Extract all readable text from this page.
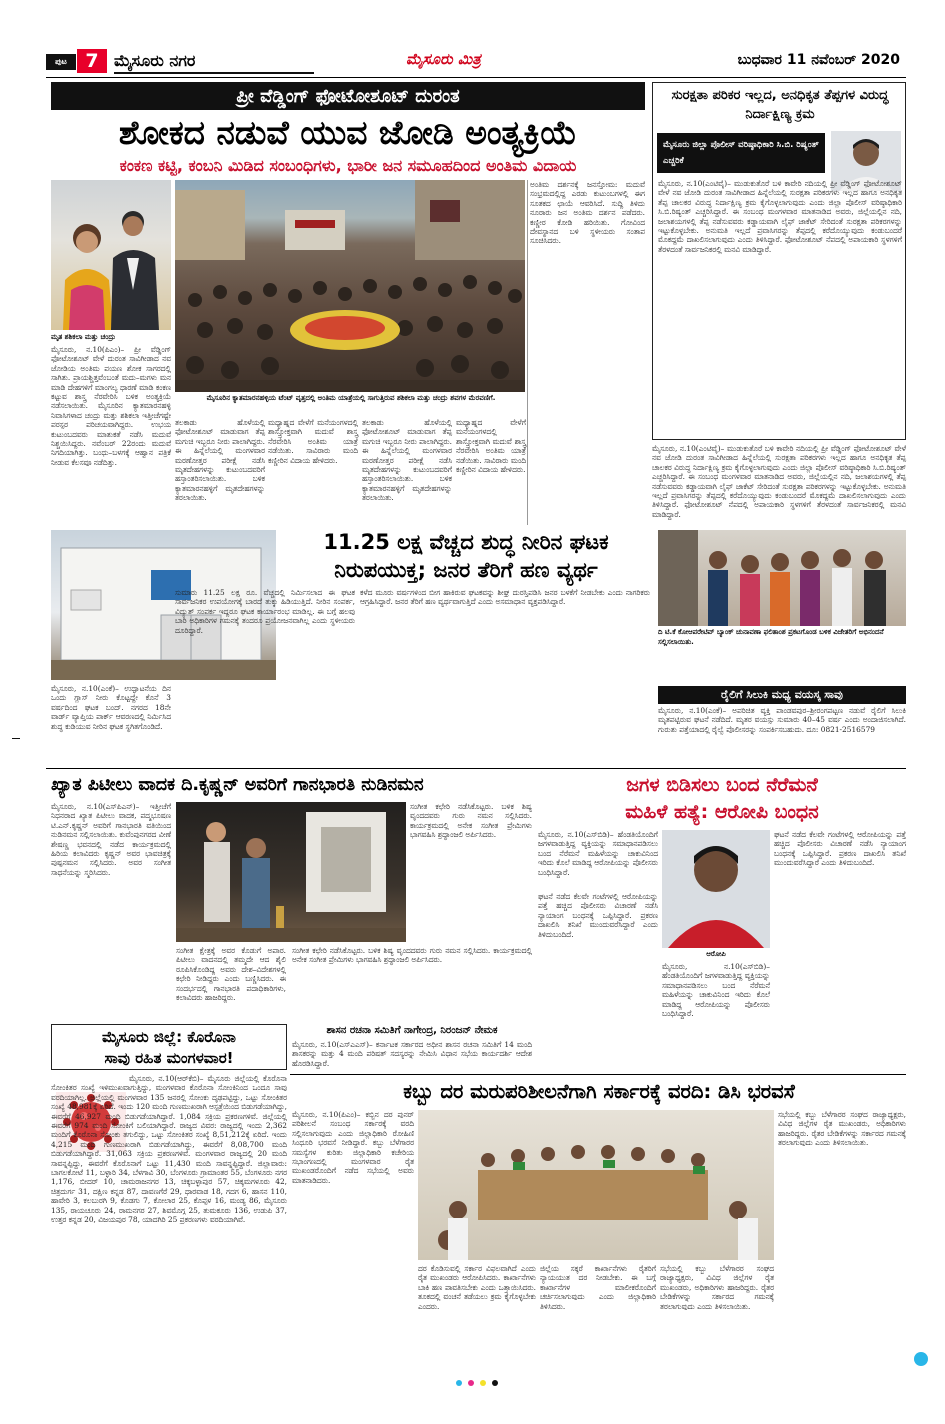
ಪುಟ 7 ಮೈಸೂರು ನಗರ	ಮೈಸೂರು ಮಿತ್ರ	ಬುಧವಾರ 11 ನವೆಂಬರ್ 2020
ಪ್ರೀ ವೆಡ್ಡಿಂಗ್ ಫೋಟೋಶೂಟ್ ದುರಂತ
ಶೋಕದ ನಡುವೆ ಯುವ ಜೋಡಿ ಅಂತ್ಯಕ್ರಿಯೆ
ಕಂಕಣ ಕಟ್ಟಿ, ಕಂಬನಿ ಮಿಡಿದ ಸಂಬಂಧಿಗಳು, ಭಾರೀ ಜನ ಸಮೂಹದಿಂದ ಅಂತಿಮ ವಿದಾಯ
ಮೃತ ಶಶಿಕಲಾ ಮತ್ತು ಚಂದ್ರು
ಮೈಸೂರಿನ ಕ್ಯಾತಮಾರನಹಳ್ಳಿಯ ಟೆಂಟ್ ವೃತ್ತದಲ್ಲಿ ಅಂತಿಮ ಯಾತ್ರೆಯಲ್ಲಿ ಸಾಗುತ್ತಿರುವ ಶಶಿಕಲಾ ಮತ್ತು ಚಂದ್ರು ಶವಗಳ ಮೆರವಣಿಗೆ.
ಮೈಸೂರು, ನ.10(ಪಿಎಂ)– ಪ್ರೀ ವೆಡ್ಡಿಂಗ್ ಫೋಟೋಶೂಟ್ ವೇಳೆ ದುರಂತ ಸಾವಿಗೀಡಾದ ನವ ಜೋಡಿಯ ಅಂತಿಮ ಪಯಣ ಶೋಕ ಸಾಗರದಲ್ಲಿ ಸಾಗಿತು. ಪ್ರಾಯಶ್ಚಿತ್ತವೆಂಬಂತೆ ಮದು–ಮಗಳು ಮನ ಮಾಡಿ ದೇಹಗಳಿಗೆ ಮಾಂಗಲ್ಯ ಧಾರಣೆ ಮಾಡಿ ಕಂಕಣ ಕಟ್ಟುವ ಶಾಸ್ತ್ರ ನೆರವೇರಿಸಿ ಬಳಿಕ ಅಂತ್ಯಕ್ರಿಯೆ ನಡೆಸಲಾಯಿತು. ಮೈಸೂರಿನ ಕ್ಯಾತಮಾರನಹಳ್ಳಿ ನಿವಾಸಿಗಳಾದ ಚಂದ್ರು ಮತ್ತು ಶಶಿಕಲಾ ಇತ್ತೀಚೆಗಷ್ಟೇ ಪರಸ್ಪರ ಪರಿಚಯವಾಗಿದ್ದರು. ಉಭಯ ಕುಟುಂಬದವರು ಮಾತುಕತೆ ನಡೆಸಿ ಮದುವೆ ನಿಶ್ಚಯಿಸಿದ್ದರು. ನವೆಂಬರ್ 22ರಂದು ಮದುವೆ ನಿಗದಿಯಾಗಿತ್ತು. ಬಂಧು–ಬಳಗಕ್ಕೆ ಆಹ್ವಾನ ಪತ್ರಿಕೆ ನೀಡುವ ಕೆಲಸವೂ ನಡೆದಿತ್ತು.
ತಲಕಾಡು ಹೊಳೆಯಲ್ಲಿ ಫೋಟೋಶೂಟ್ ಮಾಡುವಾಗ ತೆಪ್ಪ ಮಗುಚಿ ಇಬ್ಬರೂ ನೀರು ಪಾಲಾಗಿದ್ದರು. ಈ ಹಿನ್ನೆಲೆಯಲ್ಲಿ ಮಂಗಳವಾರ ಮರಣೋತ್ತರ ಪರೀಕ್ಷೆ ನಡೆಸಿ ಮೃತದೇಹಗಳನ್ನು ಕುಟುಂಬದವರಿಗೆ ಹಸ್ತಾಂತರಿಸಲಾಯಿತು. ಬಳಿಕ ಕ್ಯಾತಮಾರನಹಳ್ಳಿಗೆ ಮೃತದೇಹಗಳನ್ನು ತರಲಾಯಿತು.
ಮಧ್ಯಾಹ್ನದ ವೇಳೆಗೆ ಮನೆಯಂಗಳದಲ್ಲಿ ಶಾಸ್ತ್ರೋಕ್ತವಾಗಿ ಮದುವೆ ಶಾಸ್ತ್ರ ನೆರವೇರಿಸಿ ಅಂತಿಮ ಯಾತ್ರೆ ನಡೆಯಿತು. ಸಾವಿರಾರು ಮಂದಿ ಕಣ್ಣೀರಿನ ವಿದಾಯ ಹೇಳಿದರು.
ಅಂತಿಮ ದರ್ಶನಕ್ಕೆ ಜನಸ್ತೋಮ: ಮದುವೆ ಸಂಭ್ರಮದಲ್ಲಿದ್ದ ಎರಡು ಕುಟುಂಬಗಳಲ್ಲಿ ಈಗ ಸೂತಕದ ಛಾಯೆ ಆವರಿಸಿದೆ. ಸುದ್ದಿ ತಿಳಿದು ನೂರಾರು ಜನ ಅಂತಿಮ ದರ್ಶನ ಪಡೆದರು. ಕಣ್ಣೀರ ಕೋಡಿ ಹರಿಯಿತು. ಗೋವಿಂದ ದೇವಸ್ಥಾನದ ಬಳಿ ಸ್ಥಳೀಯರು ಸಂತಾಪ ಸೂಚಿಸಿದರು.
ಸುರಕ್ಷತಾ ಪರಿಕರ ಇಲ್ಲದ, ಅನಧಿಕೃತ ತೆಪ್ಪಗಳ ವಿರುದ್ಧ ನಿರ್ದಾಕ್ಷಿಣ್ಯ ಕ್ರಮ
ಮೈಸೂರು ಜಿಲ್ಲಾ ಪೊಲೀಸ್ ವರಿಷ್ಠಾಧಿಕಾರಿ ಸಿ.ಬಿ. ರಿಷ್ಯಂತ್ ಎಚ್ಚರಿಕೆ
ಮೈಸೂರು, ನ.10(ಎಂಟಿವೈ)– ಮುಡುಕುತೊರೆ ಬಳಿ ಕಾವೇರಿ ನದಿಯಲ್ಲಿ ಪ್ರೀ ವೆಡ್ಡಿಂಗ್ ಫೋಟೋಶೂಟ್ ವೇಳೆ ನವ ಜೋಡಿ ದುರಂತ ಸಾವಿಗೀಡಾದ ಹಿನ್ನೆಲೆಯಲ್ಲಿ ಸುರಕ್ಷತಾ ಪರಿಕರಗಳು ಇಲ್ಲದ ಹಾಗೂ ಅನಧಿಕೃತ ತೆಪ್ಪ ಚಾಲಕರ ವಿರುದ್ಧ ನಿರ್ದಾಕ್ಷಿಣ್ಯ ಕ್ರಮ ಕೈಗೊಳ್ಳಲಾಗುವುದು ಎಂದು ಜಿಲ್ಲಾ ಪೊಲೀಸ್ ವರಿಷ್ಠಾಧಿಕಾರಿ ಸಿ.ಬಿ.ರಿಷ್ಯಂತ್ ಎಚ್ಚರಿಸಿದ್ದಾರೆ. ಈ ಸಂಬಂಧ ಮಂಗಳವಾರ ಮಾತನಾಡಿದ ಅವರು, ಜಿಲ್ಲೆಯಲ್ಲಿನ ನದಿ, ಜಲಾಶಯಗಳಲ್ಲಿ ತೆಪ್ಪ ನಡೆಸುವವರು ಕಡ್ಡಾಯವಾಗಿ ಲೈಫ್ ಜಾಕೆಟ್ ಸೇರಿದಂತೆ ಸುರಕ್ಷತಾ ಪರಿಕರಗಳನ್ನು ಇಟ್ಟುಕೊಳ್ಳಬೇಕು. ಅನುಮತಿ ಇಲ್ಲದೆ ಪ್ರವಾಸಿಗರನ್ನು ತೆಪ್ಪದಲ್ಲಿ ಕರೆದೊಯ್ಯುವುದು ಕಂಡುಬಂದರೆ ಮೊಕದ್ದಮೆ ದಾಖಲಿಸಲಾಗುವುದು ಎಂದು ತಿಳಿಸಿದ್ದಾರೆ. ಫೋಟೋಶೂಟ್ ನೆಪದಲ್ಲಿ ಅಪಾಯಕಾರಿ ಸ್ಥಳಗಳಿಗೆ ತೆರಳದಂತೆ ಸಾರ್ವಜನಿಕರಲ್ಲಿ ಮನವಿ ಮಾಡಿದ್ದಾರೆ.
ದಿ ಟಿ.ಕೆ ಕೋಆಪರೇಟಿವ್ ಬ್ಯಾಂಕ್ ಚುನಾವಣಾ ಫಲಿತಾಂಶ ಪ್ರಕಟಗೊಂಡ ಬಳಿಕ ವಿಜೇತರಿಗೆ ಅಭಿನಂದನೆ ಸಲ್ಲಿಸಲಾಯಿತು.
ರೈಲಿಗೆ ಸಿಲುಕಿ ಮಧ್ಯ ವಯಸ್ಕ ಸಾವು
ಮೈಸೂರು, ನ.10(ಎಂಕೆ)– ಅಪರಿಚಿತ ವ್ಯಕ್ತಿ ಪಾಂಡವಪುರ–ಶ್ರೀರಂಗಪಟ್ಟಣ ನಡುವೆ ರೈಲಿಗೆ ಸಿಲುಕಿ ಮೃತಪಟ್ಟಿರುವ ಘಟನೆ ನಡೆದಿದೆ. ಮೃತರ ವಯಸ್ಸು ಸುಮಾರು 40–45 ವರ್ಷ ಎಂದು ಅಂದಾಜಿಸಲಾಗಿದೆ. ಗುರುತು ಪತ್ತೆಯಾದಲ್ಲಿ ರೈಲ್ವೆ ಪೊಲೀಸರನ್ನು ಸಂಪರ್ಕಿಸಬಹುದು. ದೂ: 0821-2516579
ತಲಕಾಡು ಹೊಳೆಯಲ್ಲಿ ಫೋಟೋಶೂಟ್ ಮಾಡುವಾಗ ತೆಪ್ಪ ಮಗುಚಿ ಇಬ್ಬರೂ ನೀರು ಪಾಲಾಗಿದ್ದರು. ಈ ಹಿನ್ನೆಲೆಯಲ್ಲಿ ಮಂಗಳವಾರ ಮರಣೋತ್ತರ ಪರೀಕ್ಷೆ ನಡೆಸಿ ಮೃತದೇಹಗಳನ್ನು ಕುಟುಂಬದವರಿಗೆ ಹಸ್ತಾಂತರಿಸಲಾಯಿತು. ಬಳಿಕ ಕ್ಯಾತಮಾರನಹಳ್ಳಿಗೆ ಮೃತದೇಹಗಳನ್ನು ತರಲಾಯಿತು.
ಮಧ್ಯಾಹ್ನದ ವೇಳೆಗೆ ಮನೆಯಂಗಳದಲ್ಲಿ ಶಾಸ್ತ್ರೋಕ್ತವಾಗಿ ಮದುವೆ ಶಾಸ್ತ್ರ ನೆರವೇರಿಸಿ ಅಂತಿಮ ಯಾತ್ರೆ ನಡೆಯಿತು. ಸಾವಿರಾರು ಮಂದಿ ಕಣ್ಣೀರಿನ ವಿದಾಯ ಹೇಳಿದರು.
ಮೈಸೂರು, ನ.10(ಎಂಟಿವೈ)– ಮುಡುಕುತೊರೆ ಬಳಿ ಕಾವೇರಿ ನದಿಯಲ್ಲಿ ಪ್ರೀ ವೆಡ್ಡಿಂಗ್ ಫೋಟೋಶೂಟ್ ವೇಳೆ ನವ ಜೋಡಿ ದುರಂತ ಸಾವಿಗೀಡಾದ ಹಿನ್ನೆಲೆಯಲ್ಲಿ ಸುರಕ್ಷತಾ ಪರಿಕರಗಳು ಇಲ್ಲದ ಹಾಗೂ ಅನಧಿಕೃತ ತೆಪ್ಪ ಚಾಲಕರ ವಿರುದ್ಧ ನಿರ್ದಾಕ್ಷಿಣ್ಯ ಕ್ರಮ ಕೈಗೊಳ್ಳಲಾಗುವುದು ಎಂದು ಜಿಲ್ಲಾ ಪೊಲೀಸ್ ವರಿಷ್ಠಾಧಿಕಾರಿ ಸಿ.ಬಿ.ರಿಷ್ಯಂತ್ ಎಚ್ಚರಿಸಿದ್ದಾರೆ. ಈ ಸಂಬಂಧ ಮಂಗಳವಾರ ಮಾತನಾಡಿದ ಅವರು, ಜಿಲ್ಲೆಯಲ್ಲಿನ ನದಿ, ಜಲಾಶಯಗಳಲ್ಲಿ ತೆಪ್ಪ ನಡೆಸುವವರು ಕಡ್ಡಾಯವಾಗಿ ಲೈಫ್ ಜಾಕೆಟ್ ಸೇರಿದಂತೆ ಸುರಕ್ಷತಾ ಪರಿಕರಗಳನ್ನು ಇಟ್ಟುಕೊಳ್ಳಬೇಕು. ಅನುಮತಿ ಇಲ್ಲದೆ ಪ್ರವಾಸಿಗರನ್ನು ತೆಪ್ಪದಲ್ಲಿ ಕರೆದೊಯ್ಯುವುದು ಕಂಡುಬಂದರೆ ಮೊಕದ್ದಮೆ ದಾಖಲಿಸಲಾಗುವುದು ಎಂದು ತಿಳಿಸಿದ್ದಾರೆ. ಫೋಟೋಶೂಟ್ ನೆಪದಲ್ಲಿ ಅಪಾಯಕಾರಿ ಸ್ಥಳಗಳಿಗೆ ತೆರಳದಂತೆ ಸಾರ್ವಜನಿಕರಲ್ಲಿ ಮನವಿ ಮಾಡಿದ್ದಾರೆ.
11.25 ಲಕ್ಷ ವೆಚ್ಚದ ಶುದ್ಧ ನೀರಿನ ಘಟಕ
ನಿರುಪಯುಕ್ತ; ಜನರ ತೆರಿಗೆ ಹಣ ವ್ಯರ್ಥ
ಮೈಸೂರು, ನ.10(ಎಂಕೆ)– ಉದ್ಘಾಟನೆಯ ದಿನ ಒಂದು ಗ್ಲಾಸ್ ನೀರು ಕೊಟ್ಟದ್ದೇ ಕೊನೆ 3 ವರ್ಷದಿಂದ ಘಟಕ ಬಂದ್. ನಗರದ 18ನೇ ವಾರ್ಡ್ ವ್ಯಾಪ್ತಿಯ ಪಾರ್ಕ್ ಆವರಣದಲ್ಲಿ ನಿರ್ಮಿಸಿದ ಶುದ್ಧ ಕುಡಿಯುವ ನೀರಿನ ಘಟಕ ಸ್ಥಗಿತಗೊಂಡಿದೆ.
ಸುಮಾರು 11.25 ಲಕ್ಷ ರೂ. ವೆಚ್ಚದಲ್ಲಿ ನಿರ್ಮಿಸಲಾದ ಈ ಘಟಕ ಸಾರ್ವಜನಿಕರ ಉಪಯೋಗಕ್ಕೆ ಬಾರದೆ ತುಕ್ಕು ಹಿಡಿಯುತ್ತಿದೆ. ನೀರಿನ ಸಂಪರ್ಕ, ವಿದ್ಯುತ್ ಸಂಪರ್ಕ ಇದ್ದರೂ ಘಟಕ ಕಾರ್ಯಾರಂಭ ಮಾಡಿಲ್ಲ. ಈ ಬಗ್ಗೆ ಹಲವು ಬಾರಿ ಅಧಿಕಾರಿಗಳ ಗಮನಕ್ಕೆ ತಂದರೂ ಪ್ರಯೋಜನವಾಗಿಲ್ಲ ಎಂದು ಸ್ಥಳೀಯರು ದೂರಿದ್ದಾರೆ.
ಕಳೆದ ಮೂರು ವರ್ಷಗಳಿಂದ ಬೀಗ ಹಾಕಿರುವ ಘಟಕವನ್ನು ಶೀಘ್ರ ದುರಸ್ತಿಪಡಿಸಿ ಜನರ ಬಳಕೆಗೆ ನೀಡಬೇಕು ಎಂದು ನಾಗರಿಕರು ಆಗ್ರಹಿಸಿದ್ದಾರೆ. ಜನರ ತೆರಿಗೆ ಹಣ ವ್ಯರ್ಥವಾಗುತ್ತಿದೆ ಎಂದು ಅಸಮಾಧಾನ ವ್ಯಕ್ತಪಡಿಸಿದ್ದಾರೆ.
ಖ್ಯಾತ ಪಿಟೀಲು ವಾದಕ ದಿ.ಕೃಷ್ಣನ್ ಅವರಿಗೆ ಗಾನಭಾರತಿ ನುಡಿನಮನ
ಮೈಸೂರು, ನ.10(ಎಸ್‌ಪಿಎನ್)– ಇತ್ತೀಚೆಗೆ ನಿಧನರಾದ ಖ್ಯಾತ ಪಿಟೀಲು ವಾದಕ, ಪದ್ಮಭೂಷಣ ಟಿ.ಎನ್.ಕೃಷ್ಣನ್ ಅವರಿಗೆ ಗಾನಭಾರತಿ ವತಿಯಿಂದ ನುಡಿನಮನ ಸಲ್ಲಿಸಲಾಯಿತು. ಕುವೆಂಪುನಗರದ ವೀಣೆ ಶೇಷಣ್ಣ ಭವನದಲ್ಲಿ ನಡೆದ ಕಾರ್ಯಕ್ರಮದಲ್ಲಿ ಹಿರಿಯ ಕಲಾವಿದರು ಕೃಷ್ಣನ್ ಅವರ ಭಾವಚಿತ್ರಕ್ಕೆ ಪುಷ್ಪನಮನ ಸಲ್ಲಿಸಿದರು. ಅವರ ಸಂಗೀತ ಸಾಧನೆಯನ್ನು ಸ್ಮರಿಸಿದರು.
ಸಂಗೀತ ಕ್ಷೇತ್ರಕ್ಕೆ ಅವರ ಕೊಡುಗೆ ಅಪಾರ. ಪಿಟೀಲು ವಾದನದಲ್ಲಿ ತಮ್ಮದೇ ಆದ ಶೈಲಿ ರೂಪಿಸಿಕೊಂಡಿದ್ದ ಅವರು ದೇಶ–ವಿದೇಶಗಳಲ್ಲಿ ಕಛೇರಿ ನೀಡಿದ್ದರು ಎಂದು ಬಣ್ಣಿಸಿದರು. ಈ ಸಂದರ್ಭದಲ್ಲಿ ಗಾನಭಾರತಿ ಪದಾಧಿಕಾರಿಗಳು, ಕಲಾವಿದರು ಹಾಜರಿದ್ದರು.
ಸಂಗೀತ ಕಛೇರಿ ನಡೆಸಿಕೊಟ್ಟರು. ಬಳಿಕ ಶಿಷ್ಯ ವೃಂದದವರು ಗುರು ನಮನ ಸಲ್ಲಿಸಿದರು. ಕಾರ್ಯಕ್ರಮದಲ್ಲಿ ಅನೇಕ ಸಂಗೀತ ಪ್ರೇಮಿಗಳು ಭಾಗವಹಿಸಿ ಶ್ರದ್ಧಾಂಜಲಿ ಅರ್ಪಿಸಿದರು.
ಸಂಗೀತ ಕಛೇರಿ ನಡೆಸಿಕೊಟ್ಟರು. ಬಳಿಕ ಶಿಷ್ಯ ವೃಂದದವರು ಗುರು ನಮನ ಸಲ್ಲಿಸಿದರು. ಕಾರ್ಯಕ್ರಮದಲ್ಲಿ ಅನೇಕ ಸಂಗೀತ ಪ್ರೇಮಿಗಳು ಭಾಗವಹಿಸಿ ಶ್ರದ್ಧಾಂಜಲಿ ಅರ್ಪಿಸಿದರು.
ಜಗಳ ಬಿಡಿಸಲು ಬಂದ ನೆರೆಮನೆ
ಮಹಿಳೆ ಹತ್ಯೆ: ಆರೋಪಿ ಬಂಧನ
ಮೈಸೂರು, ನ.10(ಎಸ್‌ಬಿಡಿ)– ಹೆಂಡತಿಯೊಂದಿಗೆ ಜಗಳವಾಡುತ್ತಿದ್ದ ವ್ಯಕ್ತಿಯನ್ನು ಸಮಾಧಾನಪಡಿಸಲು ಬಂದ ನೆರೆಮನೆ ಮಹಿಳೆಯನ್ನು ಚಾಕುವಿನಿಂದ ಇರಿದು ಕೊಲೆ ಮಾಡಿದ್ದ ಆರೋಪಿಯನ್ನು ಪೊಲೀಸರು ಬಂಧಿಸಿದ್ದಾರೆ.
ಆರೋಪಿ
ಘಟನೆ ನಡೆದ ಕೆಲವೇ ಗಂಟೆಗಳಲ್ಲಿ ಆರೋಪಿಯನ್ನು ಪತ್ತೆ ಹಚ್ಚಿದ ಪೊಲೀಸರು ವಿಚಾರಣೆ ನಡೆಸಿ ನ್ಯಾಯಾಂಗ ಬಂಧನಕ್ಕೆ ಒಪ್ಪಿಸಿದ್ದಾರೆ. ಪ್ರಕರಣ ದಾಖಲಿಸಿ ತನಿಖೆ ಮುಂದುವರೆಸಿದ್ದಾರೆ ಎಂದು ತಿಳಿದುಬಂದಿದೆ.
ಘಟನೆ ನಡೆದ ಕೆಲವೇ ಗಂಟೆಗಳಲ್ಲಿ ಆರೋಪಿಯನ್ನು ಪತ್ತೆ ಹಚ್ಚಿದ ಪೊಲೀಸರು ವಿಚಾರಣೆ ನಡೆಸಿ ನ್ಯಾಯಾಂಗ ಬಂಧನಕ್ಕೆ ಒಪ್ಪಿಸಿದ್ದಾರೆ. ಪ್ರಕರಣ ದಾಖಲಿಸಿ ತನಿಖೆ ಮುಂದುವರೆಸಿದ್ದಾರೆ ಎಂದು ತಿಳಿದುಬಂದಿದೆ.
ಮೈಸೂರು, ನ.10(ಎಸ್‌ಬಿಡಿ)– ಹೆಂಡತಿಯೊಂದಿಗೆ ಜಗಳವಾಡುತ್ತಿದ್ದ ವ್ಯಕ್ತಿಯನ್ನು ಸಮಾಧಾನಪಡಿಸಲು ಬಂದ ನೆರೆಮನೆ ಮಹಿಳೆಯನ್ನು ಚಾಕುವಿನಿಂದ ಇರಿದು ಕೊಲೆ ಮಾಡಿದ್ದ ಆರೋಪಿಯನ್ನು ಪೊಲೀಸರು ಬಂಧಿಸಿದ್ದಾರೆ.
ಶಾಸನ ರಚನಾ ಸಮಿತಿಗೆ ನಾಗೇಂದ್ರ, ನಿರಂಜನ್ ನೇಮಕ
ಮೈಸೂರು, ನ.10(ಎಸ್‌ಎಎಸ್)– ಕರ್ನಾಟಕ ಸರ್ಕಾರದ ಅಧೀನ ಶಾಸನ ರಚನಾ ಸಮಿತಿಗೆ 14 ಮಂದಿ ಶಾಸಕರನ್ನು ಮತ್ತು 4 ಮಂದಿ ಪರಿಷತ್ ಸದಸ್ಯರನ್ನು ನೇಮಿಸಿ ವಿಧಾನ ಸಭೆಯ ಕಾರ್ಯದರ್ಶಿ ಆದೇಶ ಹೊರಡಿಸಿದ್ದಾರೆ.
ಮೈಸೂರು ಜಿಲ್ಲೆ: ಕೊರೊನಾ
ಸಾವು ರಹಿತ ಮಂಗಳವಾರ!
ಮೈಸೂರು, ನ.10(ಆರ್‌ಕೆಬಿ)– ಮೈಸೂರು ಜಿಲ್ಲೆಯಲ್ಲಿ ಕೊರೊನಾ ಸೋಂಕಿತರ ಸಂಖ್ಯೆ ಇಳಿಮುಖವಾಗುತ್ತಿದ್ದು, ಮಂಗಳವಾರ ಕೊರೊನಾ ಸೋಂಕಿನಿಂದ ಒಂದೂ ಸಾವು ವರದಿಯಾಗಿಲ್ಲ. ಜಿಲ್ಲೆಯಲ್ಲಿ ಮಂಗಳವಾರ 135 ಜನರಲ್ಲಿ ಸೋಂಕು ದೃಢಪಟ್ಟಿದ್ದು, ಒಟ್ಟು ಸೋಂಕಿತರ ಸಂಖ್ಯೆ 48,981ಕ್ಕೆ ಏರಿದೆ. ಇಂದು 120 ಮಂದಿ ಗುಣಮುಖರಾಗಿ ಆಸ್ಪತ್ರೆಯಿಂದ ಬಿಡುಗಡೆಯಾಗಿದ್ದು, ಈವರೆಗೆ 46,927 ಮಂದಿ ಬಿಡುಗಡೆಯಾಗಿದ್ದಾರೆ. 1,084 ಸಕ್ರಿಯ ಪ್ರಕರಣಗಳಿವೆ. ಜಿಲ್ಲೆಯಲ್ಲಿ ಈವರೆಗೆ 974 ಮಂದಿ ಸೋಂಕಿಗೆ ಬಲಿಯಾಗಿದ್ದಾರೆ. ರಾಜ್ಯದ ವಿವರ: ರಾಜ್ಯದಲ್ಲಿ ಇಂದು 2,362 ಮಂದಿಗೆ ಕೊರೊನಾ ಸೋಂಕು ತಗುಲಿದ್ದು, ಒಟ್ಟು ಸೋಂಕಿತರ ಸಂಖ್ಯೆ 8,51,212ಕ್ಕೆ ಏರಿದೆ. ಇಂದು 4,215 ಮಂದಿ ಗುಣಮುಖರಾಗಿ ಬಿಡುಗಡೆಯಾಗಿದ್ದು, ಈವರೆಗೆ 8,08,700 ಮಂದಿ ಬಿಡುಗಡೆಯಾಗಿದ್ದಾರೆ. 31,063 ಸಕ್ರಿಯ ಪ್ರಕರಣಗಳಿವೆ. ಮಂಗಳವಾರ ರಾಜ್ಯದಲ್ಲಿ 20 ಮಂದಿ ಸಾವನ್ನಪ್ಪಿದ್ದು, ಈವರೆಗೆ ಕೊರೊನಾಗೆ ಒಟ್ಟು 11,430 ಮಂದಿ ಸಾವನ್ನಪ್ಪಿದ್ದಾರೆ. ಜಿಲ್ಲಾವಾರು: ಬಾಗಲಕೋಟೆ 11, ಬಳ್ಳಾರಿ 34, ಬೆಳಗಾವಿ 30, ಬೆಂಗಳೂರು ಗ್ರಾಮಾಂತರ 55, ಬೆಂಗಳೂರು ನಗರ 1,176, ಬೀದರ್ 10, ಚಾಮರಾಜನಗರ 13, ಚಿಕ್ಕಬಳ್ಳಾಪುರ 57, ಚಿಕ್ಕಮಗಳೂರು 42, ಚಿತ್ರದುರ್ಗ 31, ದಕ್ಷಿಣ ಕನ್ನಡ 87, ದಾವಣಗೆರೆ 29, ಧಾರವಾಡ 18, ಗದಗ 6, ಹಾಸನ 110, ಹಾವೇರಿ 3, ಕಲಬುರಗಿ 9, ಕೊಡಗು 7, ಕೋಲಾರ 25, ಕೊಪ್ಪಳ 16, ಮಂಡ್ಯ 86, ಮೈಸೂರು 135, ರಾಯಚೂರು 24, ರಾಮನಗರ 27, ಶಿವಮೊಗ್ಗ 25, ತುಮಕೂರು 136, ಉಡುಪಿ 37, ಉತ್ತರ ಕನ್ನಡ 20, ವಿಜಯಪುರ 78, ಯಾದಗಿರಿ 25 ಪ್ರಕರಣಗಳು ವರದಿಯಾಗಿವೆ.
ಕಬ್ಬು ದರ ಮರುಪರಿಶೀಲನೆಗಾಗಿ ಸರ್ಕಾರಕ್ಕೆ ವರದಿ: ಡಿಸಿ ಭರವಸೆ
ಮೈಸೂರು, ನ.10(ಪಿಎಂ)– ಕಬ್ಬಿನ ದರ ಪುನರ್ ಪರಿಶೀಲನೆ ಸಂಬಂಧ ಸರ್ಕಾರಕ್ಕೆ ವರದಿ ಸಲ್ಲಿಸಲಾಗುವುದು ಎಂದು ಜಿಲ್ಲಾಧಿಕಾರಿ ರೋಹಿಣಿ ಸಿಂಧೂರಿ ಭರವಸೆ ನೀಡಿದ್ದಾರೆ. ಕಬ್ಬು ಬೆಳೆಗಾರರ ಸಮಸ್ಯೆಗಳ ಕುರಿತು ಜಿಲ್ಲಾಧಿಕಾರಿ ಕಚೇರಿಯ ಸಭಾಂಗಣದಲ್ಲಿ ಮಂಗಳವಾರ ರೈತ ಮುಖಂಡರೊಂದಿಗೆ ನಡೆದ ಸಭೆಯಲ್ಲಿ ಅವರು ಮಾತನಾಡಿದರು.
ದರ ಕೊಡಿಸುವಲ್ಲಿ ಸರ್ಕಾರ ವಿಫಲವಾಗಿದೆ ಎಂದು ರೈತ ಮುಖಂಡರು ಆರೋಪಿಸಿದರು. ಕಾರ್ಖಾನೆಗಳು ಬಾಕಿ ಹಣ ಪಾವತಿಸಬೇಕು ಎಂದು ಒತ್ತಾಯಿಸಿದರು. ತೂಕದಲ್ಲಿ ವಂಚನೆ ತಡೆಯಲು ಕ್ರಮ ಕೈಗೊಳ್ಳಬೇಕು ಎಂದರು.
ಜಿಲ್ಲೆಯ ಸಕ್ಕರೆ ಕಾರ್ಖಾನೆಗಳು ರೈತರಿಗೆ ನ್ಯಾಯಯುತ ದರ ನೀಡಬೇಕು. ಈ ಬಗ್ಗೆ ಕಾರ್ಖಾನೆಗಳ ಮಾಲೀಕರೊಂದಿಗೆ ಚರ್ಚಿಸಲಾಗುವುದು ಎಂದು ಜಿಲ್ಲಾಧಿಕಾರಿ ತಿಳಿಸಿದರು.
ಸಭೆಯಲ್ಲಿ ಕಬ್ಬು ಬೆಳೆಗಾರರ ಸಂಘದ ರಾಜ್ಯಾಧ್ಯಕ್ಷರು, ವಿವಿಧ ಜಿಲ್ಲೆಗಳ ರೈತ ಮುಖಂಡರು, ಅಧಿಕಾರಿಗಳು ಹಾಜರಿದ್ದರು. ರೈತರ ಬೇಡಿಕೆಗಳನ್ನು ಸರ್ಕಾರದ ಗಮನಕ್ಕೆ ತರಲಾಗುವುದು ಎಂದು ತಿಳಿಸಲಾಯಿತು.
ಸಭೆಯಲ್ಲಿ ಕಬ್ಬು ಬೆಳೆಗಾರರ ಸಂಘದ ರಾಜ್ಯಾಧ್ಯಕ್ಷರು, ವಿವಿಧ ಜಿಲ್ಲೆಗಳ ರೈತ ಮುಖಂಡರು, ಅಧಿಕಾರಿಗಳು ಹಾಜರಿದ್ದರು. ರೈತರ ಬೇಡಿಕೆಗಳನ್ನು ಸರ್ಕಾರದ ಗಮನಕ್ಕೆ ತರಲಾಗುವುದು ಎಂದು ತಿಳಿಸಲಾಯಿತು.
